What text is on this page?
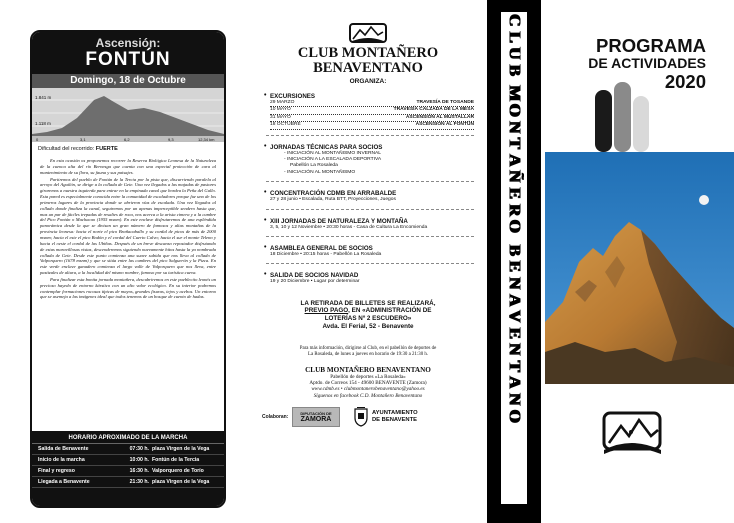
Ascensión:
FONTÚN
Domingo, 18 de Octubre
1.841 m
1.118 m
0	3,1	6,2	9,3	12,34 km
Dificultad del recorrido: FUERTE

En esta ocasión os proponemos recorrer la Reserva Biológica Leonesa de la Naturaleza de la cuenca alta del río Bernesga que cuenta con una especial protección de cara al mantenimiento de su flora, su fauna y sus paisajes.

Partiremos del pueblo de Fontún de la Tercia por la pista que, discurriendo paralela al arroyo del Aguilón, se dirige a la collada de Gete. Una vez llegados a las majadas de pastores giraremos a nuestra izquierda para entrar en la empinada canal que bordea la Peña del Gallo. Esta pared es especialmente conocida entre la comunidad de escaladores porque fue uno de los primeros lugares de la provincia donde se abrieron vías de escalada. Una vez llegados al collado donde finaliza la canal, seguiremos por un apenas imperceptible sendero hasta que, mas un par de fáciles trepadas de resaltes de roca, nos acerca a la arista cimera y a la cumbre del Pico Fontún o Machacao (1955 msnm). En este enclave disfrutaremos de una espléndida panorámica desde la que se divisan un gran número de famosos y altas montañas de la provincia leonesa: hacia el norte el pico Brañacaballo y su cordal de picos de más de 2000 msnm; hacia el este el pico Bodón y el cordal del Cuerto Calvo; hacia el sur el monte Teleno y hacia el oeste el cordal de las Ubiñas. Después de un breve descanso repostador disfrutando de estas maravillosas vistas, descenderemos siguiendo nuevamente hitos hasta la ya nombrada collada de Gete. Desde este punto comienza una suave subida que nos lleva al collado de Valporquero (1678 msnm) y que se sitúa entre las cumbres del pico Salguerón y la Pizca. En este verde enclave ganadero comienza el largo valle de Valporquero que nos lleva, entre pastizales de altura, a la localidad del mismo nombre, famoso por su turística cueva.

Para finalizar esta bonita jornada montañera, descubriremos en este pueblecito leonés un precioso hayedo de entorno kárstico con un alto valor ecológico. En su interior podremos contemplar formaciones rocosas típicas de mayos, grandes fisuras, tejos y acebos. Un entorno que se asemeja a las imágenes ideal que todos tenemos de un bosque de cuento de hadas.

HORARIO APROXIMADO DE LA MARCHA
Salida de Benavente	07:30 h. plaza Virgen de la Vega
Inicio de la marcha	10:00 h. Fontún de la Tercia
Final y regreso	16:30 h. Valporquero de Torío
Llegada a Benavente	21:30 h. plaza Virgen de la Vega
CLUB MONTAÑERO
BENAVENTANO
ORGANIZA:
• EXCURSIONES
29 MARZO	TRAVESÍA DE TOSANDE
10 MAYO	TRAVESÍA CALZADA DE LA MESA
31 MAYO	ASCENSIÓN AL MUSTALLAR
18 OCTUBRE	ASCENSIÓN AL FONTÚN
• JORNADAS TÉCNICAS PARA SOCIOS
- INICIACIÓN AL MONTAÑISMO INVERNAL
- INICIACIÓN A LA ESCALADA DEPORTIVA
Pabellón La Rosaleda
- INICIACIÓN AL MONTAÑISMO
• CONCENTRACIÓN CDMB EN ARRABALDE
27 y 28 junio • Escalada, Ruta BTT, Proyecciones, Juegos
• XIII JORNADAS DE NATURALEZA Y MONTAÑA
3, 5, 10 y 12 Noviembre • 20:30 horas - Casa de Cultura La Encomienda
• ASAMBLEA GENERAL DE SOCIOS
18 Diciembre • 20:15 horas - Pabellón La Rosaleda
• SALIDA DE SOCIOS NAVIDAD
19 y 20 Diciembre • Lugar por determinar
LA RETIRADA DE BILLETES SE REALIZARÁ,
PREVIO PAGO, EN «ADMINISTRACIÓN DE
LOTERÍAS Nº 2 ESCUDERO»
Avda. El Ferial, 52 - Benavente
Para más información, dirigirse al Club, en el pabellón de deportes de
La Rosaleda, de lunes a jueves en horario de 19:30 a 21:30 h.
CLUB MONTAÑERO BENAVENTANO
Pabellón de deportes «La Rosaleda»
Aptdo. de Correos 154 - 49600 BENAVENTE (Zamora)
www.cdmb.es • clubmontanerobenaventano@yahoo.es
Síguenos en facebook C.D. Montañero Benaventano
Colaboran:
DIPUTACIÓN DE
ZAMORA
AYUNTAMIENTO
DE BENAVENTE
C
L
U
B
M
O
N
T
A
Ñ
E
R
O
B
E
N
A
V
E
N
T
A
N
O
PROGRAMA
DE ACTIVIDADES
2020
